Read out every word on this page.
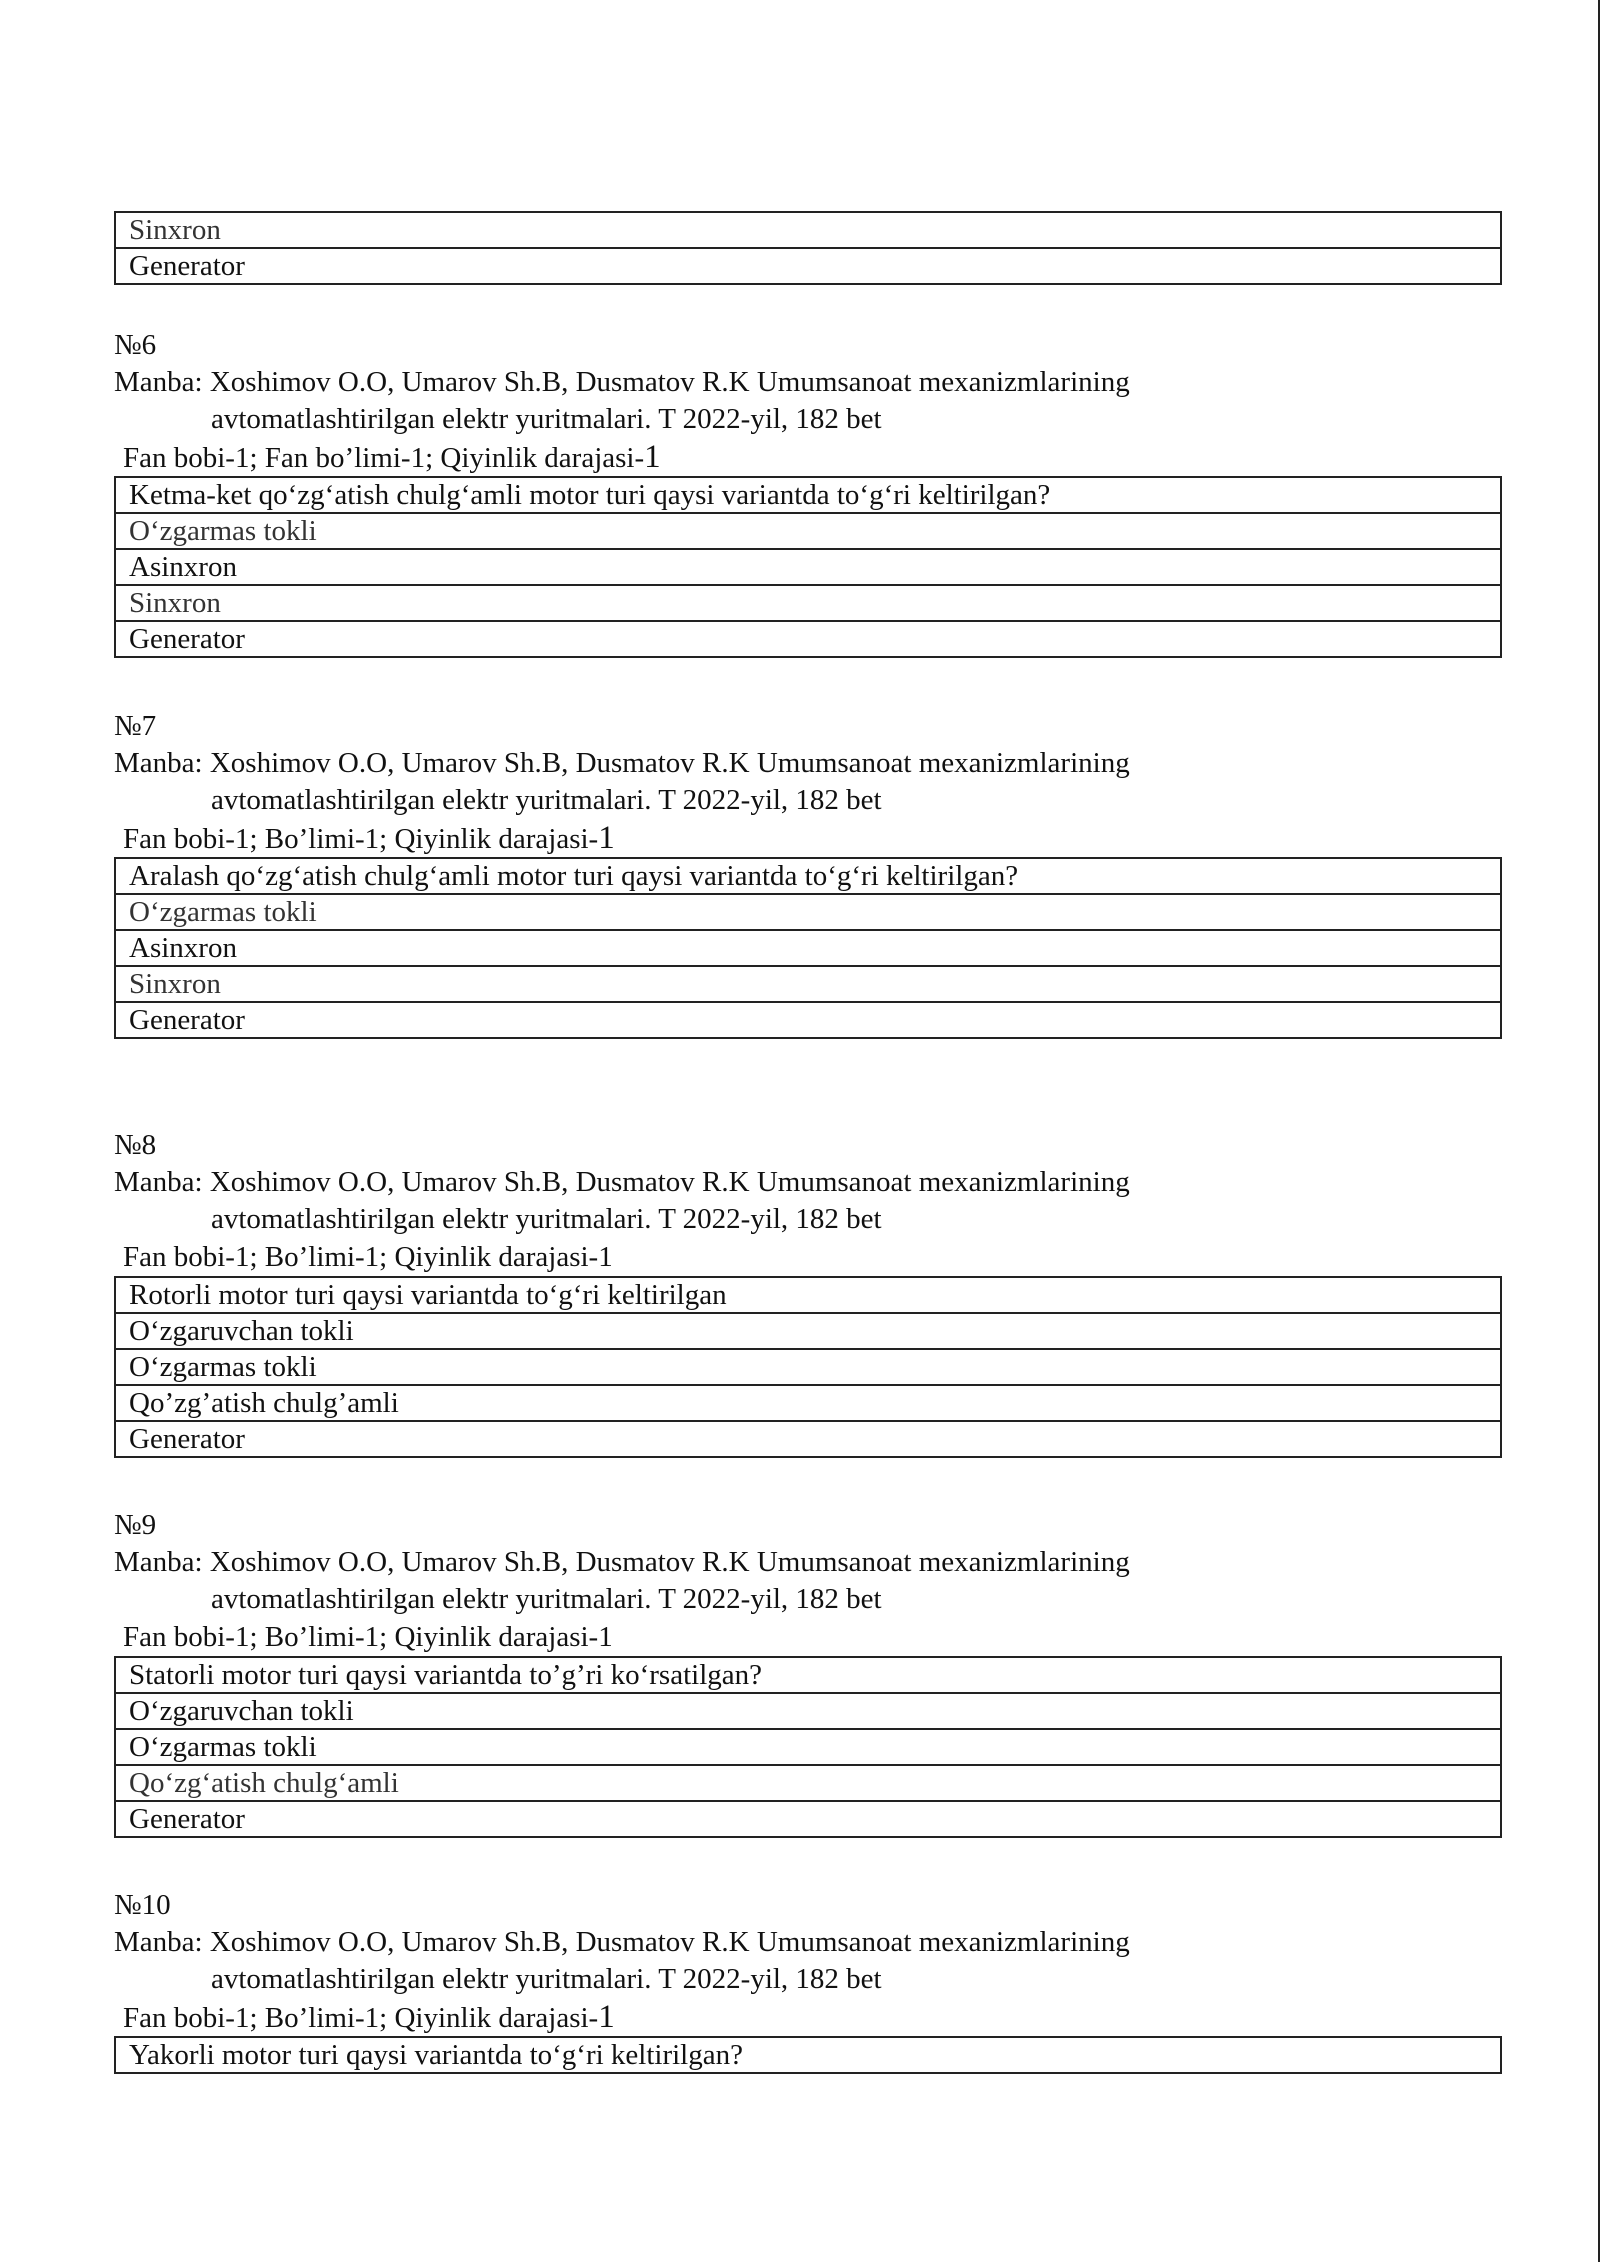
Sinxron
Generator
№6
Manba: Xoshimov O.O, Umarov Sh.B, Dusmatov R.K Umumsanoat mexanizmlarining
avtomatlashtirilgan elektr yuritmalari. T 2022-yil, 182 bet
Fan bobi-1; Fan bo’limi-1; Qiyinlik darajasi-1
Ketma-ket qo‘zg‘atish chulg‘amli motor turi qaysi variantda to‘g‘ri keltirilgan?
O‘zgarmas tokli
Asinxron
Sinxron
Generator
№7
Manba: Xoshimov O.O, Umarov Sh.B, Dusmatov R.K Umumsanoat mexanizmlarining
avtomatlashtirilgan elektr yuritmalari. T 2022-yil, 182 bet
Fan bobi-1; Bo’limi-1; Qiyinlik darajasi-1
Aralash qo‘zg‘atish chulg‘amli motor turi qaysi variantda to‘g‘ri keltirilgan?
O‘zgarmas tokli
Asinxron
Sinxron
Generator
№8
Manba: Xoshimov O.O, Umarov Sh.B, Dusmatov R.K Umumsanoat mexanizmlarining
avtomatlashtirilgan elektr yuritmalari. T 2022-yil, 182 bet
Fan bobi-1; Bo’limi-1; Qiyinlik darajasi-1
Rotorli motor turi qaysi variantda to‘g‘ri keltirilgan
O‘zgaruvchan tokli
O‘zgarmas tokli
Qo’zg’atish chulg’amli
Generator
№9
Manba: Xoshimov O.O, Umarov Sh.B, Dusmatov R.K Umumsanoat mexanizmlarining
avtomatlashtirilgan elektr yuritmalari. T 2022-yil, 182 bet
Fan bobi-1; Bo’limi-1; Qiyinlik darajasi-1
Statorli motor turi qaysi variantda to’g’ri ko‘rsatilgan?
O‘zgaruvchan tokli
O‘zgarmas tokli
Qo‘zg‘atish chulg‘amli
Generator
№10
Manba: Xoshimov O.O, Umarov Sh.B, Dusmatov R.K Umumsanoat mexanizmlarining
avtomatlashtirilgan elektr yuritmalari. T 2022-yil, 182 bet
Fan bobi-1; Bo’limi-1; Qiyinlik darajasi-1
Yakorli motor turi qaysi variantda to‘g‘ri keltirilgan?
